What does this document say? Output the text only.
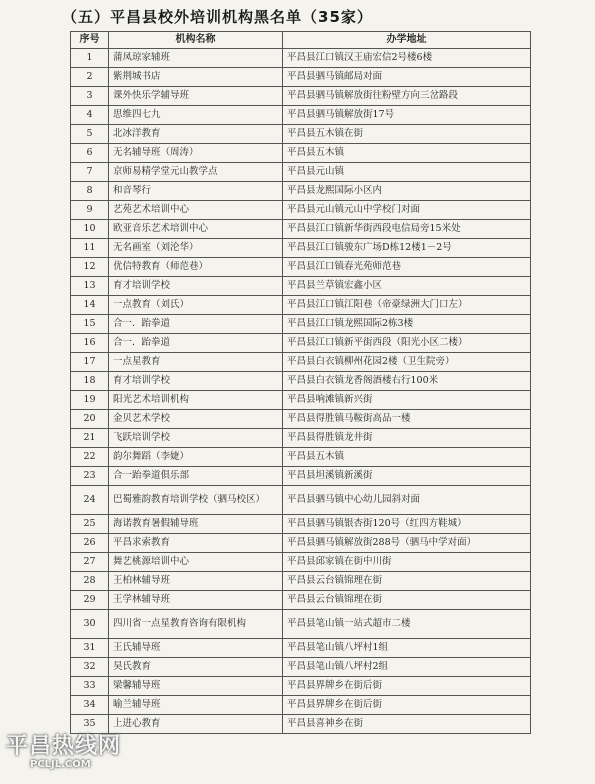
（五）平昌县校外培训机构黑名单（35家）
序号	机构名称	办学地址
1	蒲凤琼家辅班	平昌县江口镇汉王庙宏信2号楼6楼
2	紫荆城书店	平昌县驷马镇邮局对面
3	课外快乐学辅导班	平昌县驷马镇解放街往粉壁方向三岔路段
4	思维四七九	平昌县驷马镇解放街17号
5	北冰洋教育	平昌县五木镇在街
6	无名辅导班（周涛）	平昌县五木镇
7	京师易精学堂元山教学点	平昌县元山镇
8	和音琴行	平昌县龙熙国际小区内
9	艺苑艺术培训中心	平昌县元山镇元山中学校门对面
10	欧亚音乐艺术培训中心	平昌县江口镇新华街西段电信局旁15米处
11	无名画室（刘沦华）	平昌县江口镇骏东广场D栋12楼1－2号
12	优信特教育（师范巷）	平昌县江口镇春光苑师范巷
13	育才培训学校	平昌县兰草镇宏鑫小区
14	一点教育（刘氏）	平昌县江口镇江阳巷（帝豪绿洲大门口左）
15	合一．跆拳道	平昌县江口镇龙熙国际2栋3楼
16	合一．跆拳道	平昌县江口镇新平街西段（阳光小区二楼）
17	一点星教育	平昌县白衣镇柳州花园2楼（卫生院旁）
18	育才培训学校	平昌县白衣镇龙香阁酒楼右行100米
19	阳光艺术培训机构	平昌县响滩镇新兴街
20	金贝艺术学校	平昌县得胜镇马鞍街高品一楼
21	飞跃培训学校	平昌县得胜镇龙井街
22	韵尔舞蹈（李婕）	平昌县五木镇
23	合一跆拳道俱乐部	平昌县坦溪镇新溪街
24	巴蜀雅韵教育培训学校（驷马校区）	平昌县驷马镇中心幼儿园斜对面
25	海诺教育暑假辅导班	平昌县驷马镇银杏街120号（红四方鞋城）
26	平昌求索教育	平昌县驷马镇解放街288号（驷马中学对面）
27	舞艺桃源培训中心	平昌县邱家镇在街中川街
28	王柏林辅导班	平昌县云台镇锦理在街
29	王学林辅导班	平昌县云台镇锦理在街
30	四川省一点星教育咨询有限机构	平昌县笔山镇一站式超市二楼
31	王氏辅导班	平昌县笔山镇八坪村1组
32	昊氏教育	平昌县笔山镇八坪村2组
33	梁馨辅导班	平昌县界牌乡在街后街
34	喻兰辅导班	平昌县界牌乡在街后街
35	上进心教育	平昌县喜神乡在街
平昌热线网
PCLJL.COM
